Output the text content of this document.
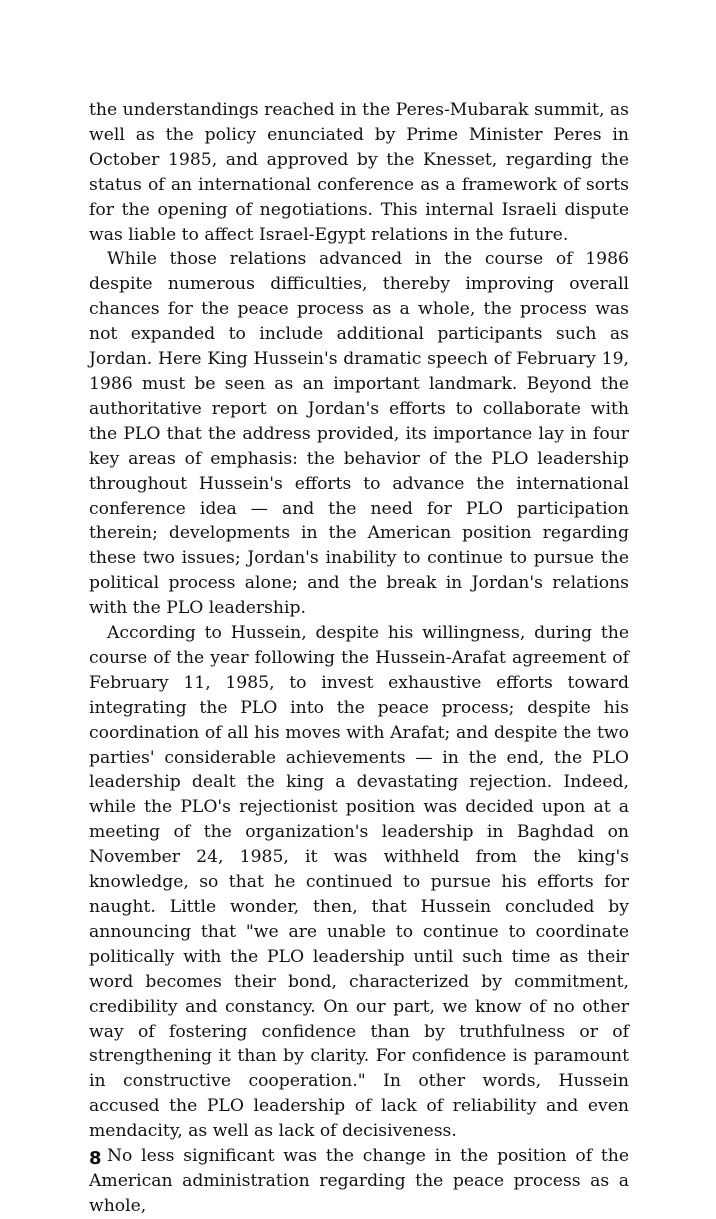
the understandings reached in the Peres-Mubarak summit, as well as the policy enunciated by Prime Minister Peres in October 1985, and approved by the Knesset, regarding the status of an international conference as a framework of sorts for the opening of negotiations. This internal Israeli dispute was liable to affect Israel-Egypt relations in the future.

While those relations advanced in the course of 1986 despite numerous difficulties, thereby improving overall chances for the peace process as a whole, the process was not expanded to include additional participants such as Jordan. Here King Hussein's dramatic speech of February 19, 1986 must be seen as an important landmark. Beyond the authoritative report on Jordan's efforts to collaborate with the PLO that the address provided, its importance lay in four key areas of emphasis: the behavior of the PLO leadership throughout Hussein's efforts to advance the international conference idea — and the need for PLO participation therein; developments in the American position regarding these two issues; Jordan's inability to continue to pursue the political process alone; and the break in Jordan's relations with the PLO leadership.

According to Hussein, despite his willingness, during the course of the year following the Hussein-Arafat agreement of February 11, 1985, to invest exhaustive efforts toward integrating the PLO into the peace process; despite his coordination of all his moves with Arafat; and despite the two parties' considerable achievements — in the end, the PLO leadership dealt the king a devastating rejection. Indeed, while the PLO's rejectionist position was decided upon at a meeting of the organization's leadership in Baghdad on November 24, 1985, it was withheld from the king's knowledge, so that he continued to pursue his efforts for naught. Little wonder, then, that Hussein concluded by announcing that "we are unable to continue to coordinate politically with the PLO leadership until such time as their word becomes their bond, characterized by commitment, credibility and constancy. On our part, we know of no other way of fostering confidence than by truthfulness or of strengthening it than by clarity. For confidence is paramount in constructive cooperation." In other words, Hussein accused the PLO leadership of lack of reliability and even mendacity, as well as lack of decisiveness.

No less significant was the change in the position of the American administration regarding the peace process as a whole,

8
